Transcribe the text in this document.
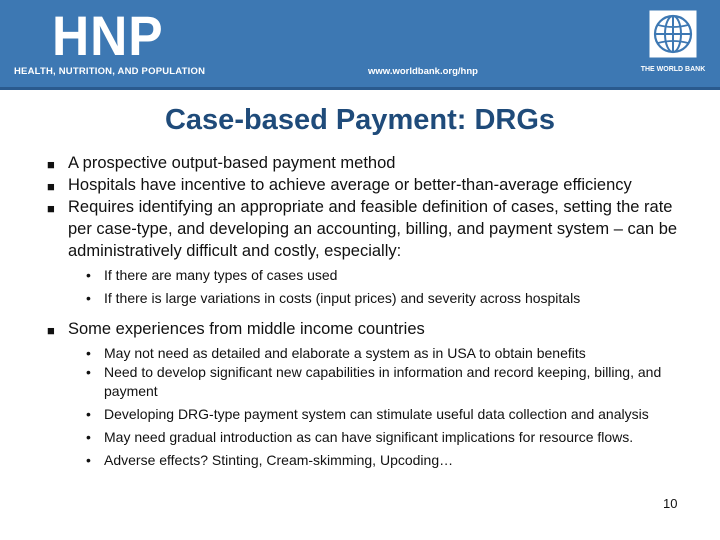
HNP
HEALTH, NUTRITION, AND POPULATION	www.worldbank.org/hnp	THE WORLD BANK
Case-based Payment: DRGs
■ A prospective output-based payment method
■ Hospitals have incentive to achieve average or better-than-average efficiency
■ Requires identifying an appropriate and feasible definition of cases, setting the rate per case-type, and developing an accounting, billing, and payment system – can be administratively difficult and costly, especially:
• If there are many types of cases used
• If there is large variations in costs (input prices) and severity across hospitals
■ Some experiences from middle income countries
• May not need as detailed and elaborate a system as in USA to obtain benefits
• Need to develop significant new capabilities in information and record keeping, billing, and payment
• Developing DRG-type payment system can stimulate useful data collection and analysis
• May need gradual introduction as can have significant implications for resource flows.
• Adverse effects? Stinting, Cream-skimming, Upcoding…
10
